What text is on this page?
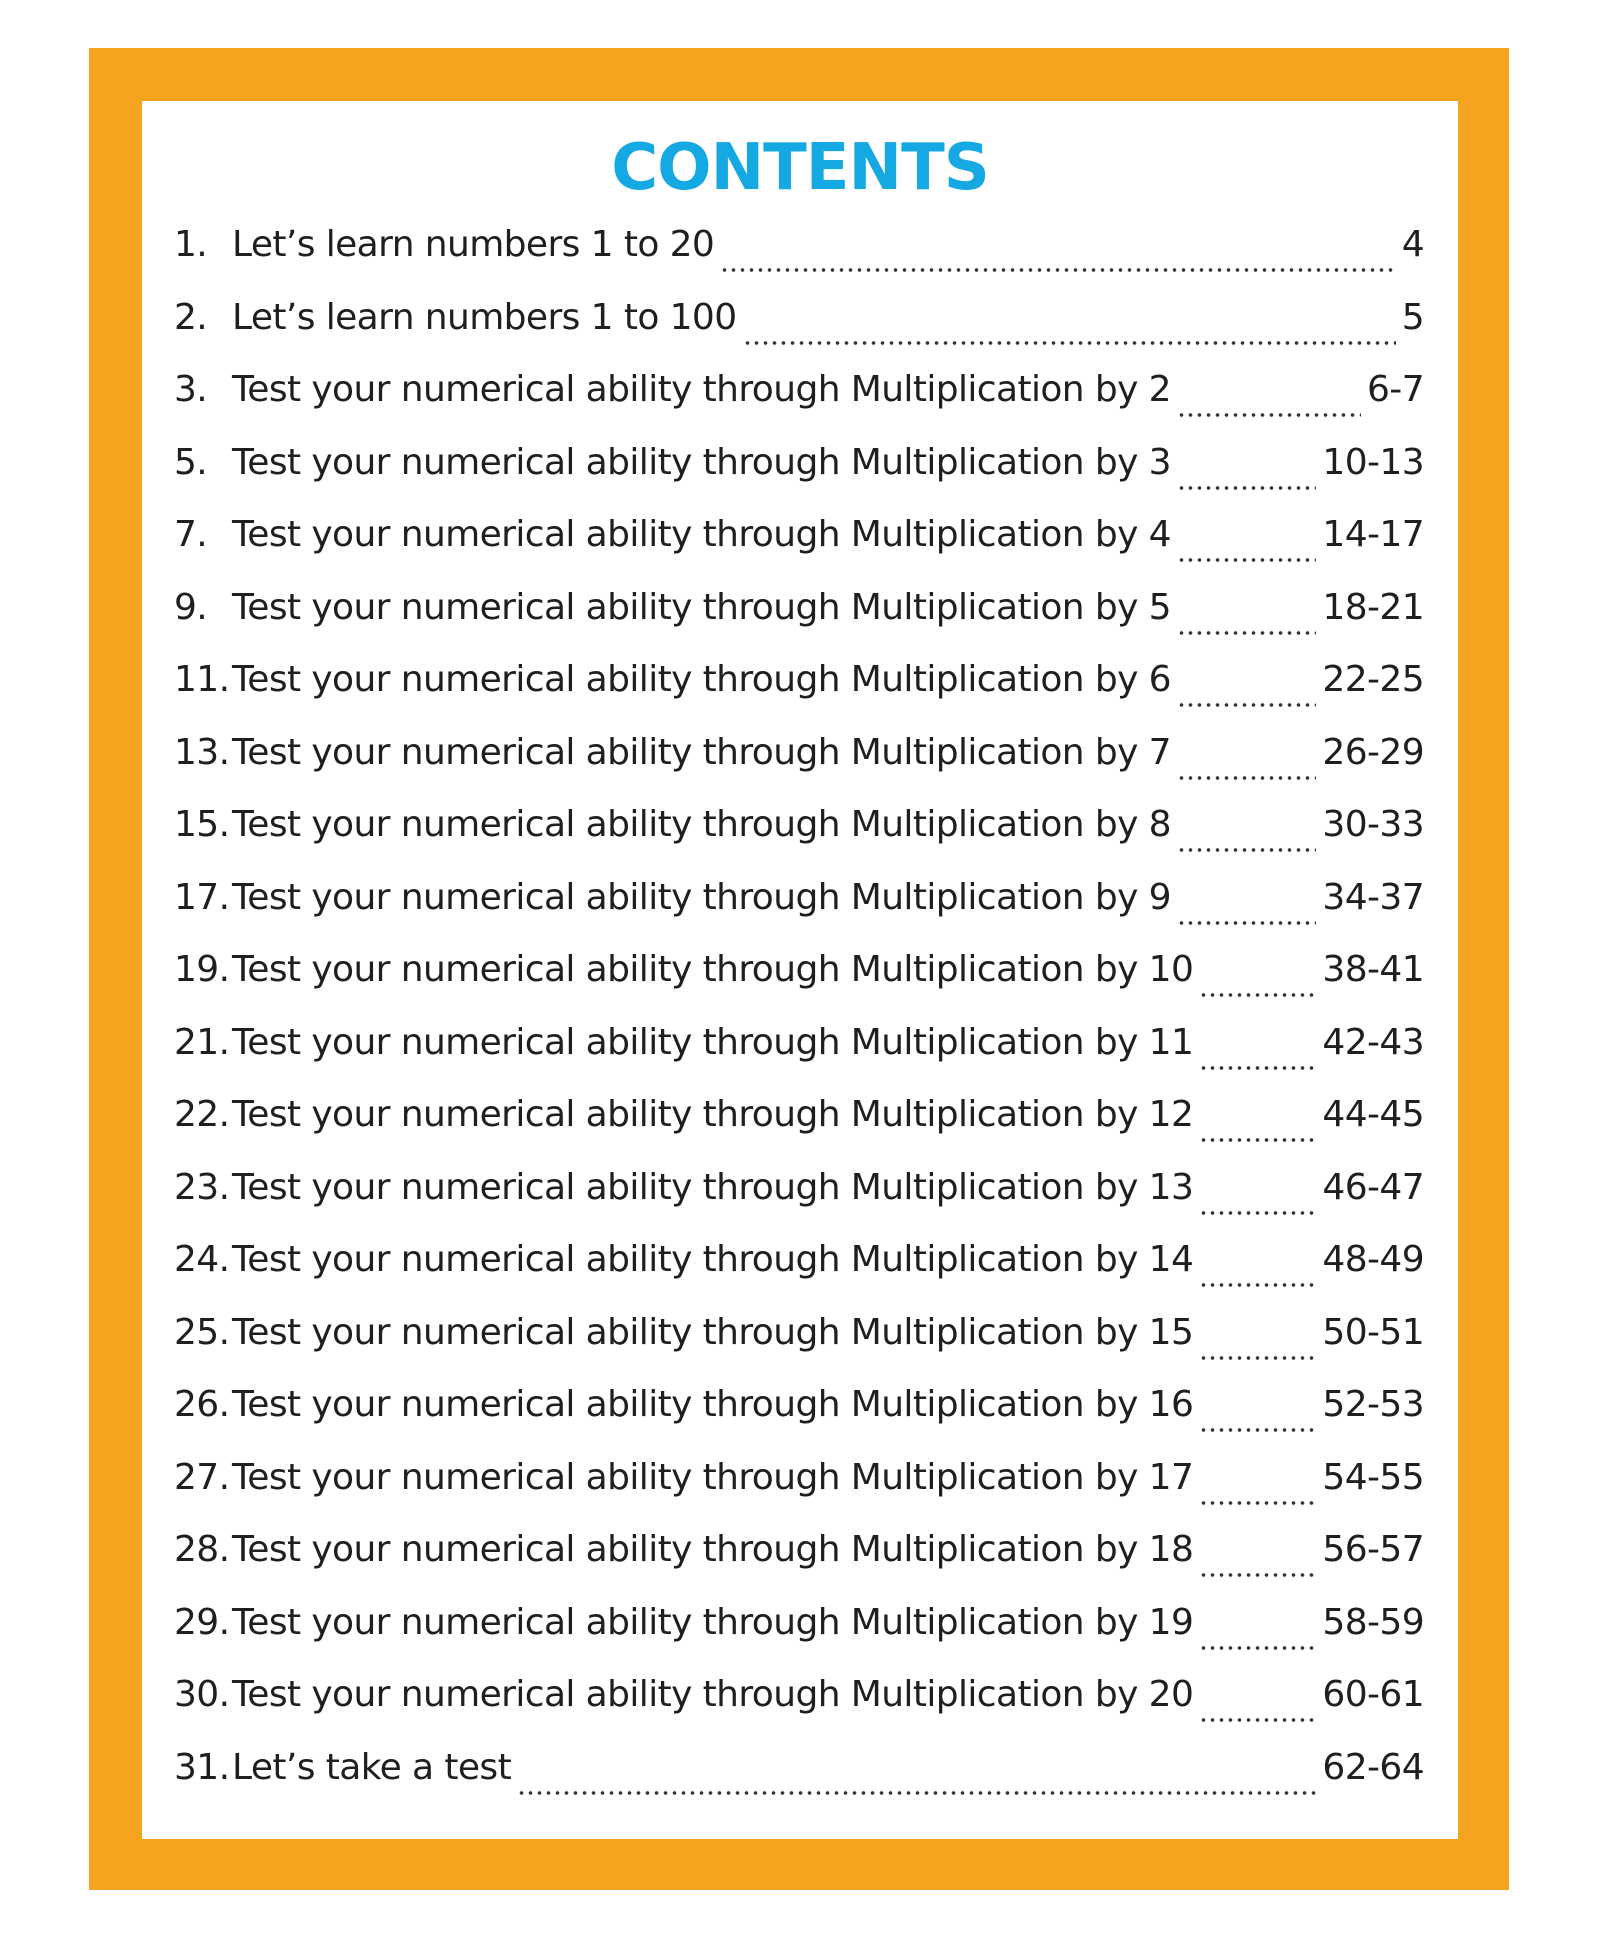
CONTENTS
1. Let’s learn numbers 1 to 20	4
2. Let’s learn numbers 1 to 100	5
3. Test your numerical ability through Multiplication by 2	6-7
5. Test your numerical ability through Multiplication by 3	10-13
7. Test your numerical ability through Multiplication by 4	14-17
9. Test your numerical ability through Multiplication by 5	18-21
11. Test your numerical ability through Multiplication by 6	22-25
13. Test your numerical ability through Multiplication by 7	26-29
15. Test your numerical ability through Multiplication by 8	30-33
17. Test your numerical ability through Multiplication by 9	34-37
19. Test your numerical ability through Multiplication by 10	38-41
21. Test your numerical ability through Multiplication by 11	42-43
22. Test your numerical ability through Multiplication by 12	44-45
23. Test your numerical ability through Multiplication by 13	46-47
24. Test your numerical ability through Multiplication by 14	48-49
25. Test your numerical ability through Multiplication by 15	50-51
26. Test your numerical ability through Multiplication by 16	52-53
27. Test your numerical ability through Multiplication by 17	54-55
28. Test your numerical ability through Multiplication by 18	56-57
29. Test your numerical ability through Multiplication by 19	58-59
30. Test your numerical ability through Multiplication by 20	60-61
31. Let’s take a test	62-64
